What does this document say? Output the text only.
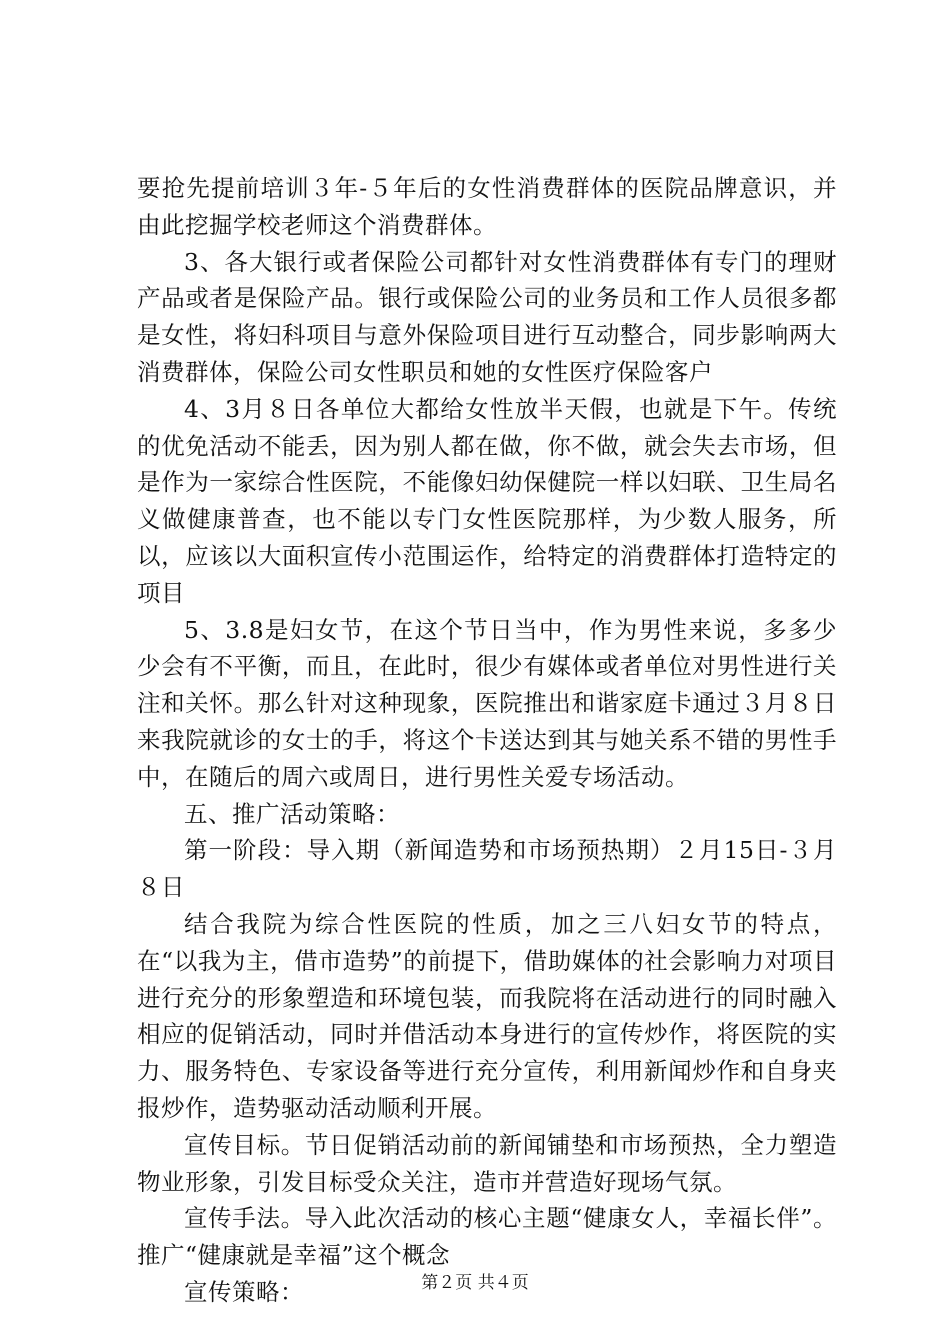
要抢先提前培训３年-５年后的女性消费群体的医院品牌意识，并由此挖掘学校老师这个消费群体。

3、各大银行或者保险公司都针对女性消费群体有专门的理财产品或者是保险产品。银行或保险公司的业务员和工作人员很多都是女性，将妇科项目与意外保险项目进行互动整合，同步影响两大消费群体，保险公司女性职员和她的女性医疗保险客户

4、3月８日各单位大都给女性放半天假，也就是下午。传统的优免活动不能丢，因为别人都在做，你不做，就会失去市场，但是作为一家综合性医院，不能像妇幼保健院一样以妇联、卫生局名义做健康普查，也不能以专门女性医院那样，为少数人服务，所以，应该以大面积宣传小范围运作，给特定的消费群体打造特定的项目

5、3.8是妇女节，在这个节日当中，作为男性来说，多多少少会有不平衡，而且，在此时，很少有媒体或者单位对男性进行关注和关怀。那么针对这种现象，医院推出和谐家庭卡通过３月８日来我院就诊的女士的手，将这个卡送达到其与她关系不错的男性手中，在随后的周六或周日，进行男性关爱专场活动。

五、推广活动策略：

第一阶段：导入期（新闻造势和市场预热期）２月15日-３月８日

结合我院为综合性医院的性质，加之三八妇女节的特点，在“以我为主，借市造势”的前提下，借助媒体的社会影响力对项目进行充分的形象塑造和环境包装，而我院将在活动进行的同时融入相应的促销活动，同时并借活动本身进行的宣传炒作，将医院的实力、服务特色、专家设备等进行充分宣传，利用新闻炒作和自身夹报炒作，造势驱动活动顺利开展。

宣传目标。节日促销活动前的新闻铺垫和市场预热，全力塑造物业形象，引发目标受众关注，造市并营造好现场气氛。

宣传手法。导入此次活动的核心主题“健康女人，幸福长伴”。推广“健康就是幸福”这个概念

宣传策略：	第２页 共４页
